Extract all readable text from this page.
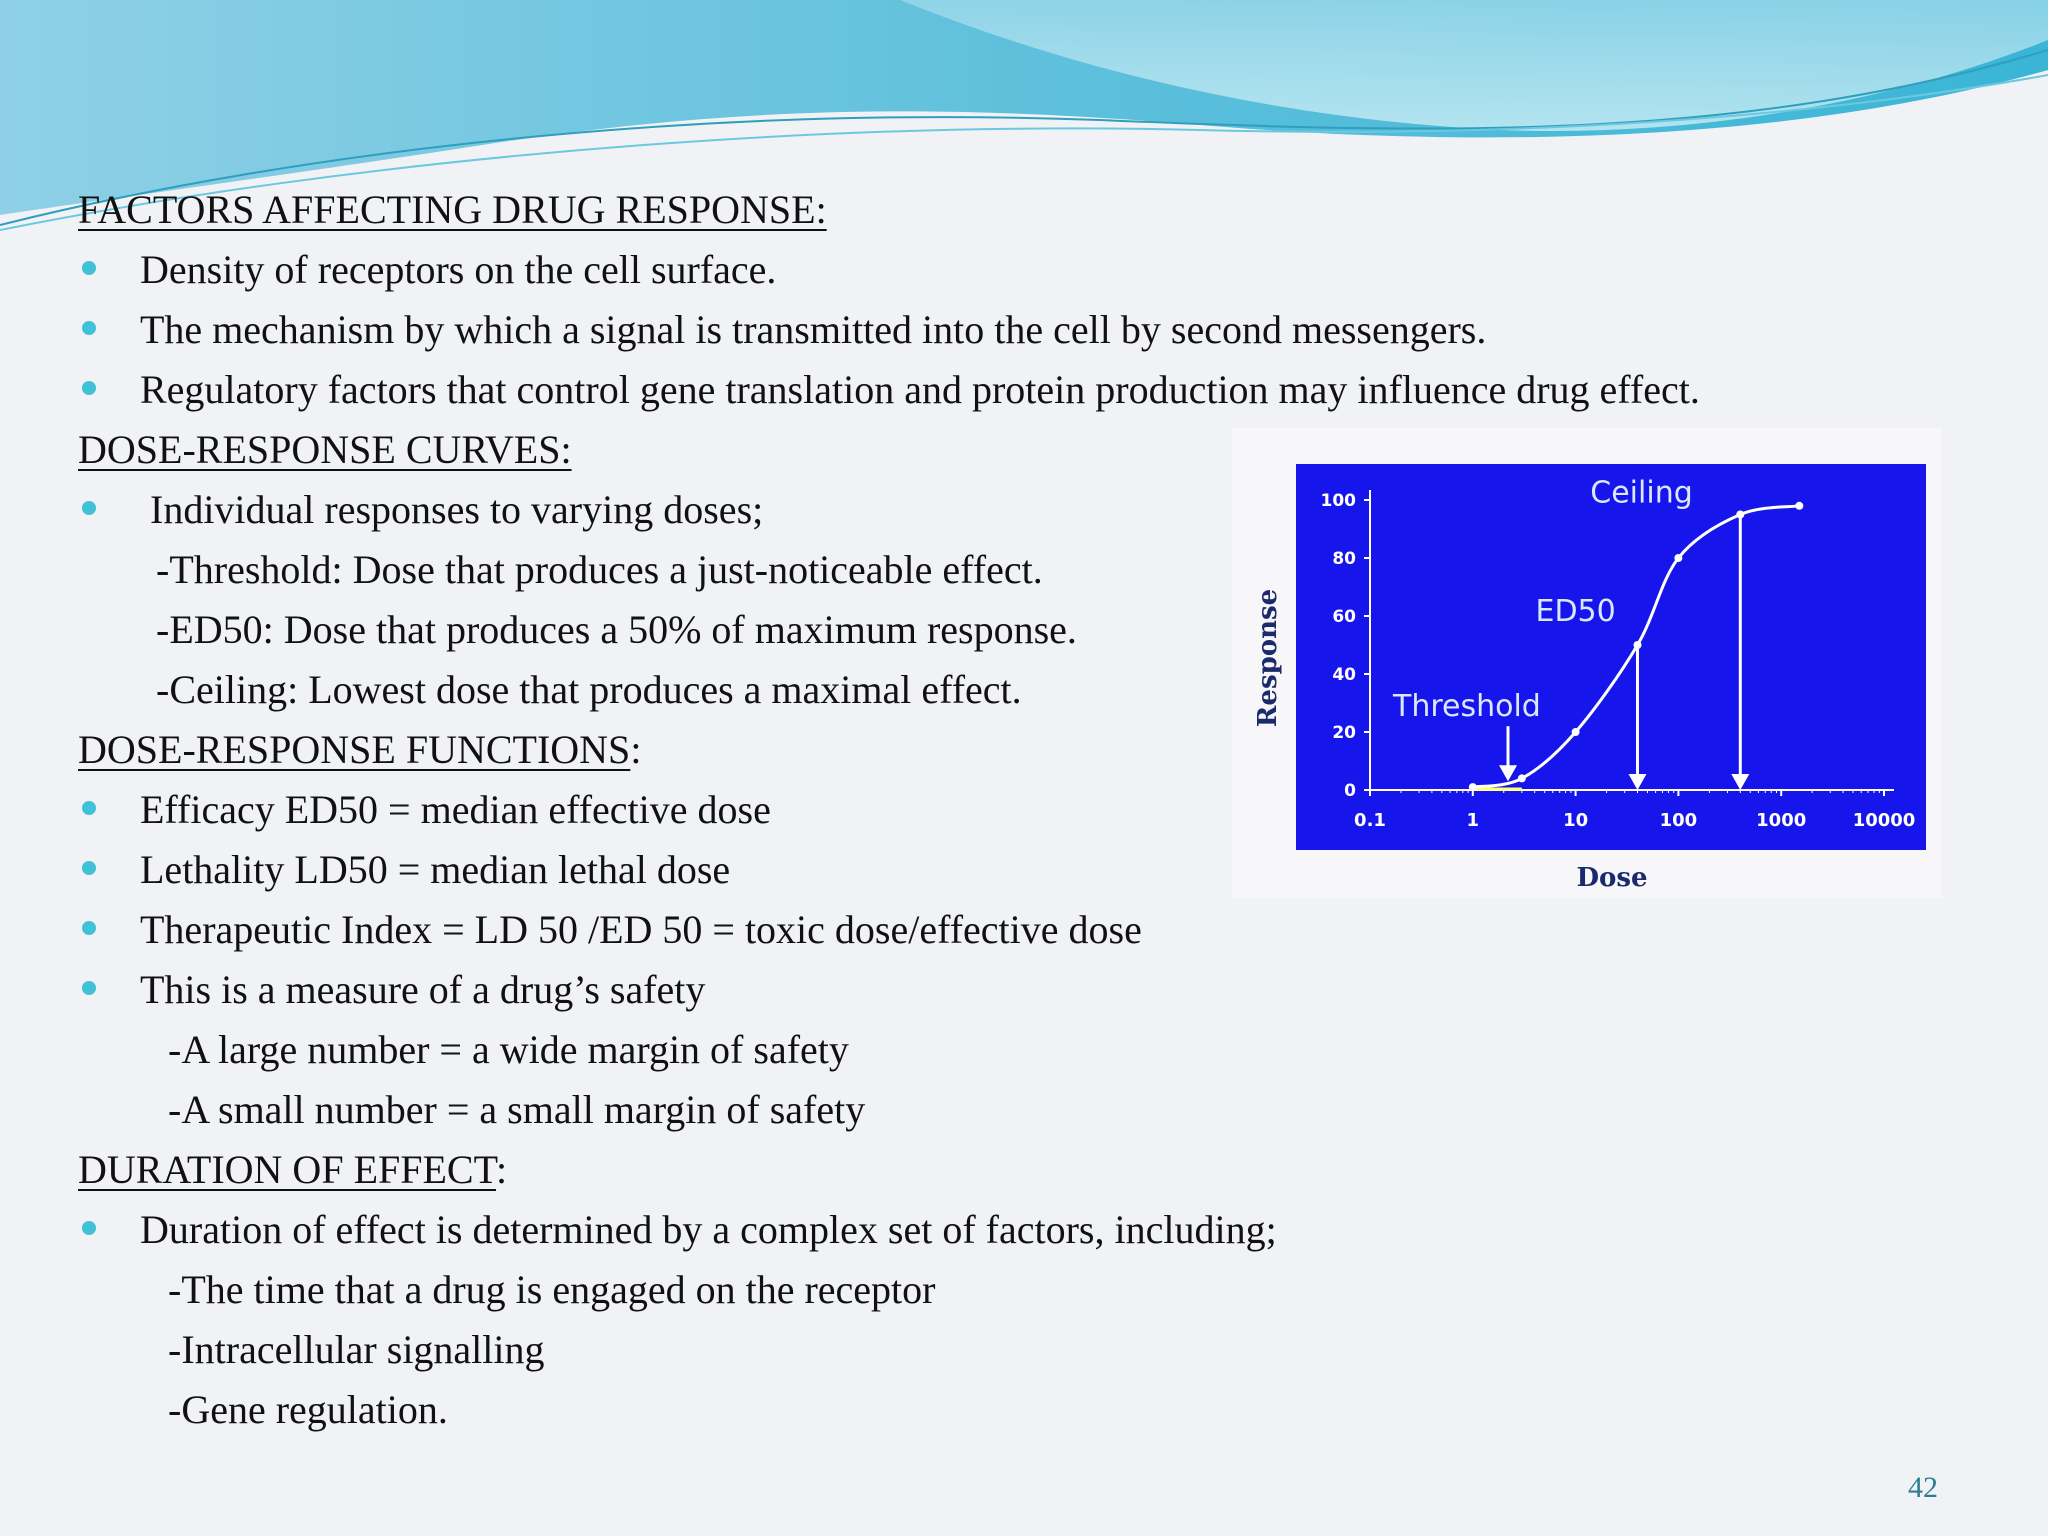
FACTORS AFFECTING DRUG RESPONSE:
Density of receptors on the cell surface.
The mechanism by which a signal is transmitted into the cell by second messengers.
Regulatory factors that control gene translation and protein production may influence drug effect.
DOSE-RESPONSE CURVES:
Individual responses to varying doses;
-Threshold: Dose that produces a just-noticeable effect.
-ED50: Dose that produces a 50% of maximum response.
-Ceiling: Lowest dose that produces a maximal effect.
DOSE-RESPONSE FUNCTIONS:
Efficacy ED50 = median effective dose
Lethality LD50 = median lethal dose
Therapeutic Index = LD 50 /ED 50 = toxic dose/effective dose
This is a measure of a drug’s safety
-A large number = a wide margin of safety
-A small number = a small margin of safety
DURATION OF EFFECT:
Duration of effect is determined by a complex set of factors, including;
-The time that a drug is engaged on the receptor
-Intracellular signalling
-Gene regulation.
0
20
40
60
80
100
0.1	1	10	100	1000	10000
Threshold
ED50
Ceiling
Dose
Response
42
